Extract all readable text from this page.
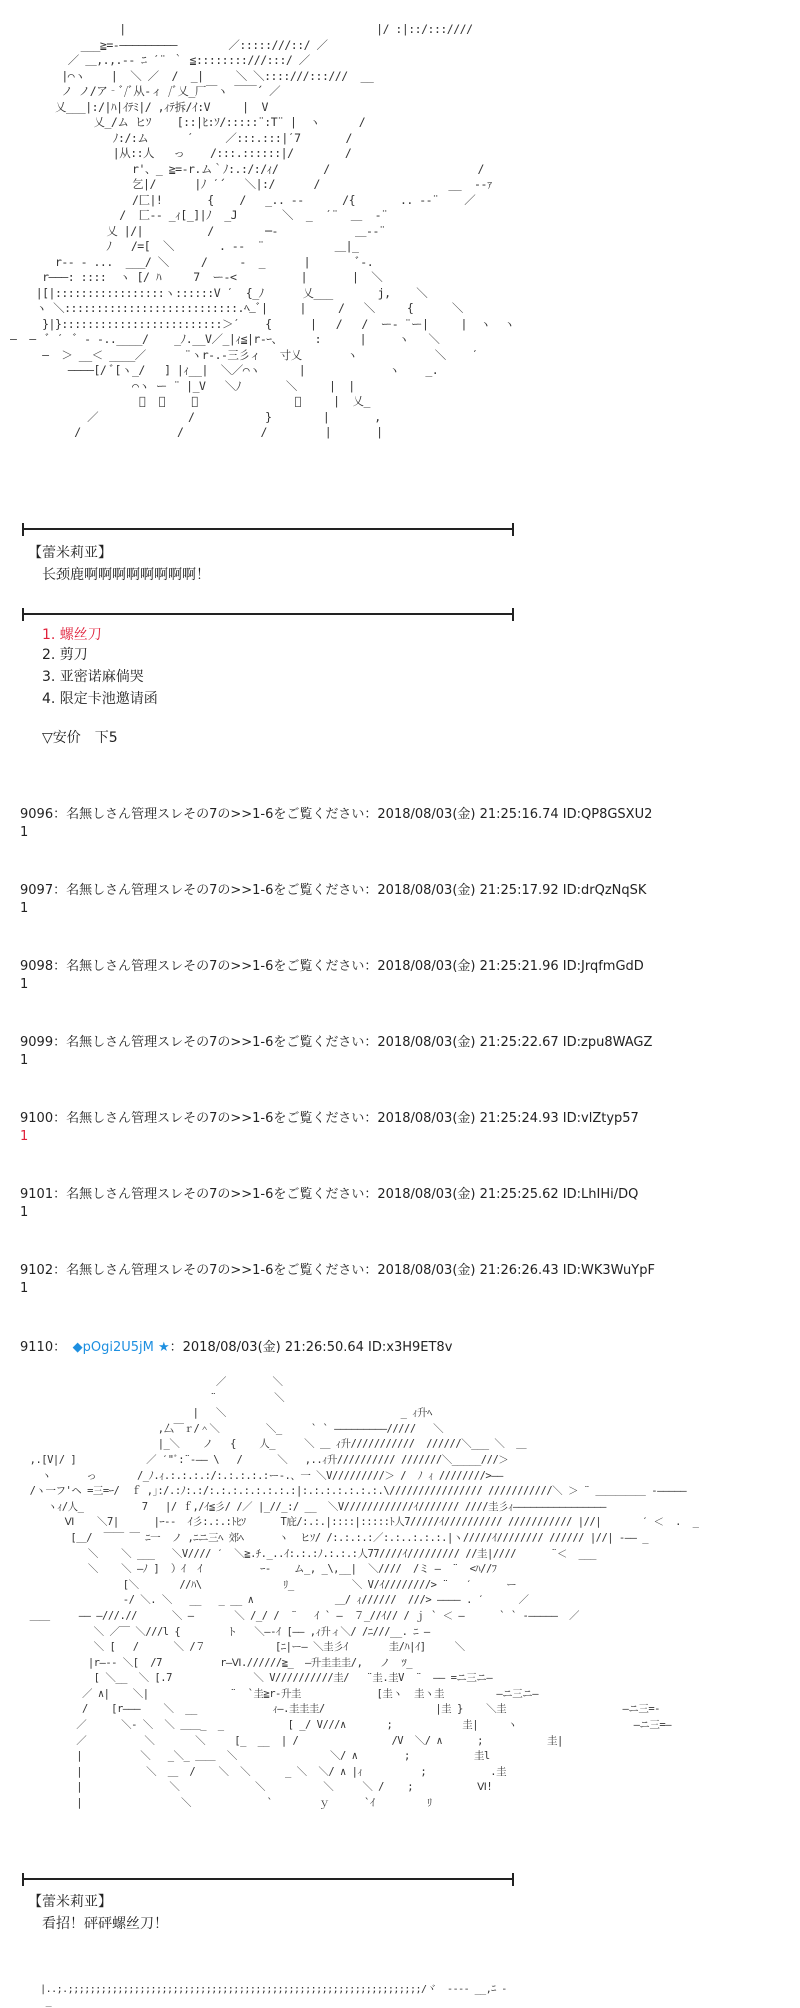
|                                       |/ :|::/:::////
___≧=-―――――――――        ／:::::///::/ ／
／ ＿,.,.-‐ ﾆ ˊ¨ ｀ ≦::::::::///:::/ ／
|⌒ヽ    |  ＼ ／  /  _|     ＼ ＼::::///:::///  __
ノ ノ/ア‐ﾞ/ﾞ从-ィ /ﾞ乂_厂￣ヽ ￣￣´ ／
乂___|:/|ﾊ|ｲﾃﾐ|/ ,ｨﾃ拆/ｲ:V     |  V
乂_/ム ヒｿ    [::|ﾋ:ｿ/:::::¨:T¨ |  ヽ      /
ﾉ:/:ム      ˊ     ／:::.:::|ˊ7       /
|从::人   っ    /:::.::::::|/        /
r'、_ ≧=-r.ム｀ﾉ:.:/:/ｨ/       /                       /
乞|/      |ﾉ ˊ´   ＼|:/      /                    __  -‐ｧ
/匚|!       {    /   _.. -‐      /{       .. -‐¨    ／
/  匚-‐ _ｨ[_]|ﾉ  _J       ＼  _  ˊ¨  ＿  ‐¨
乂 |/|          /        ─‐            ＿‐‐¨
ﾉ   /=[  ＼       . -‐  ¨           ＿|_
r‐‐ ‐ ...  ___/ ＼     /     ‐  _      |       ﾞ‐.
r―――: ::::  ヽ [/ ﾊ     7  ー‐<          |       |  ＼
|[|:::::::::::::::::ヽ::::::V ˊ  {_ﾉ      乂___       j,    ＼
ヽ ＼:::::::::::::::::::::::::::.ﾍ_ﾞ|     |     /   ＼     {      ＼
}|}:::::::::::::::::::::::::＞ˊ    {      |   /   /  ー‐ ¨ー|     |  ヽ  ヽ
―  ―  ﾞ ˊ  ﾞ ‐ -..____/    _ﾉ.__V／_|ｨ≦|r-ｰ、     :      |     ヽ   ＼
―  ＞ __＜ ____／      ¨ヽr-.-三彡ィ   寸乂       ヽ            ＼    ˊ
――――[/ ﾞ[ヽ_/   ] |ｨ__|  ＼／⌒ヽ      |             ヽ    _.
⌒ヽ ー ¨ |_V   ＼ﾉ       ＼     |  |
ﾞ  ﾞ    ﾞ               ﾞ     |  乂_
／              /           }        |       ,
/               /            /         |       |
【蕾米莉亚】
长颈鹿啊啊啊啊啊啊啊啊！
1. 螺丝刀
2. 剪刀
3. 亚密诺麻倘哭
4. 限定卡池邀请函
▽安价　下5
9096：名無しさん管理スレその7の>>1-6をご覧ください：2018/08/03(金) 21:25:16.74 ID:QP8GSXU2
1
9097：名無しさん管理スレその7の>>1-6をご覧ください：2018/08/03(金) 21:25:17.92 ID:drQzNqSK
1
9098：名無しさん管理スレその7の>>1-6をご覧ください：2018/08/03(金) 21:25:21.96 ID:JrqfmGdD
1
9099：名無しさん管理スレその7の>>1-6をご覧ください：2018/08/03(金) 21:25:22.67 ID:zpu8WAGZ
1
9100：名無しさん管理スレその7の>>1-6をご覧ください：2018/08/03(金) 21:25:24.93 ID:vlZtyp57
1
9101：名無しさん管理スレその7の>>1-6をご覧ください：2018/08/03(金) 21:25:25.62 ID:LhIHi/DQ
1
9102：名無しさん管理スレその7の>>1-6をご覧ください：2018/08/03(金) 21:26:26.43 ID:WK3WuYpF
1
9110：　◆pOgi2U5jM ★：2018/08/03(金) 21:26:50.64 ID:x3H9ET8v
／        ＼
¨          ＼
|   ＼                              _ ｨ升ﾍ
,厶￣ｒ/＾＼        ＼_     ` ` ―――――――――/////   ＼
|_＼    ノ   {    人_     ＼ ＿ ｨ升///////////  //////＼___ ＼  ＿
,.[V|/ ]            ／ ˊ"ﾞ:¨-―― \   /      ＼   ,..ｨ升////////// ///////＼_____///＞
ヽ      っ       /_ﾉ.ｨ.:.:.:.:/:.:.:.:.:ー-.、一 ＼V/////////＞ /  ﾉ ｨ ////////>――
/ヽ一フ'ヘ =三=ｰ/  ｆ ,｣:/.:ﾉ:.:/:.:.:.:.:.:.:.:|:.:.:.:.:.:.:.\//////////////// ///////////＼ ＞ ¨ ＿＿＿＿＿ ‐―――――
ヽｨ/人_          7   |/ ｆ,/ｲ≦彡/ /／ |_//_:/ __  ＼V////////////ｲ/////// ////圭彡ｨ――――――――――――――――
Ⅵ    ＼7|      |ｰ-‐  ｲ彡:.:.:ﾄﾋｿ      T庇/:.:.|::::|:::::ﾄ人7/////ｲ////////// /////////// |//|       ˊ ＜  .  _
[＿/  ￣￣ ￣ ﾆ一  ノ ,ﾆニ三ﾍ 郊ﾍ      ヽ  ヒｿ/ /:.:.:.:／:.:..:.:.:.|ヽ/////ｲ//////// ////// |//| ‐―― _
＼    ＼ ___   ＼V//// ˊ  ＼≧.ﾁ._..ｲ:.:.:ﾉ.:.:.:人77////ｲ///////// //圭|////      ¨＜  ___
＼    ＼ ―ﾉ ]  ）ｲ  ｲ          ｰ-    ム_, _\,__|  ＼////  /ミ ―  ¨  <ﾊ//ﾌ
[＼       //ﾊ\              ﾘ_          ＼ V/ｲ////////> ¨   ˊ      ー
‐/ ＼. ＼   __   _ __ ∧              ＿/ ｨ//////  ///> ―――― . ˊ      ／
＿＿     ―― ―///.//      ＼ ―       ＼ /_/ /  ¨   ｲ ` ―  ７_//ｲ// / ｊ ` ＜ ―      ` ` ‐―――――  ／
＼ ／￣ ＼///l {        ト   ＼―-ｲ [―― ,ｨ升ィ＼/ /ﾆ///__. ﾆ ―
＼ [   /      ＼ /７            [ﾆ|ー― ＼圭彡ｲ       圭/ﾊ|ｲ]     ＼
|r―‐- ＼[  /7          r―Ⅵ.//////≧_  ―升圭圭圭/,   ノ  ﾂ_
[ ＼__  ＼ [.7              ＼ V//////////圭/   ¨圭.圭V  ¨  ―― =ニ三ニ―
／ ∧|    ＼|              ¨  `圭≧r‐升圭             [圭ヽ  圭ヽ圭         ―ニ三ニ―
/    [r―――    ＼  __             ｨ―.圭圭圭/                   |圭 }    ＼圭                    ―ニ三=-
／      ＼‐ ＼  ＼ ＿＿_  _           [ _/ V///∧       ;            圭|     ヽ                    ―ニ三=―
／          ＼       ＼     [_  __  | /                /V  ＼/ ∧      ;           圭|
|          ＼   _＼_ ＿＿  ＼                ＼/ ∧        ;           圭l
|           ＼  ＿  /    ＼  ＼      _ ＼  ＼/ ∧ |ｨ          ;           .圭
|               ＼             ＼          ＼     ＼ /    ;           Ⅵ!
|                 ＼             `        ｙ      `ｲ         ﾘ
【蕾米莉亚】
看招！砰砰螺丝刀！
|..;.;;;;;;;;;;;;;;;;;;;;;;;;;;;;;;;;;;;;;;;;;;;;;;;;;;;;;;;;;;;;;;;;/ヾ  ---- __,ﾆ -
_
